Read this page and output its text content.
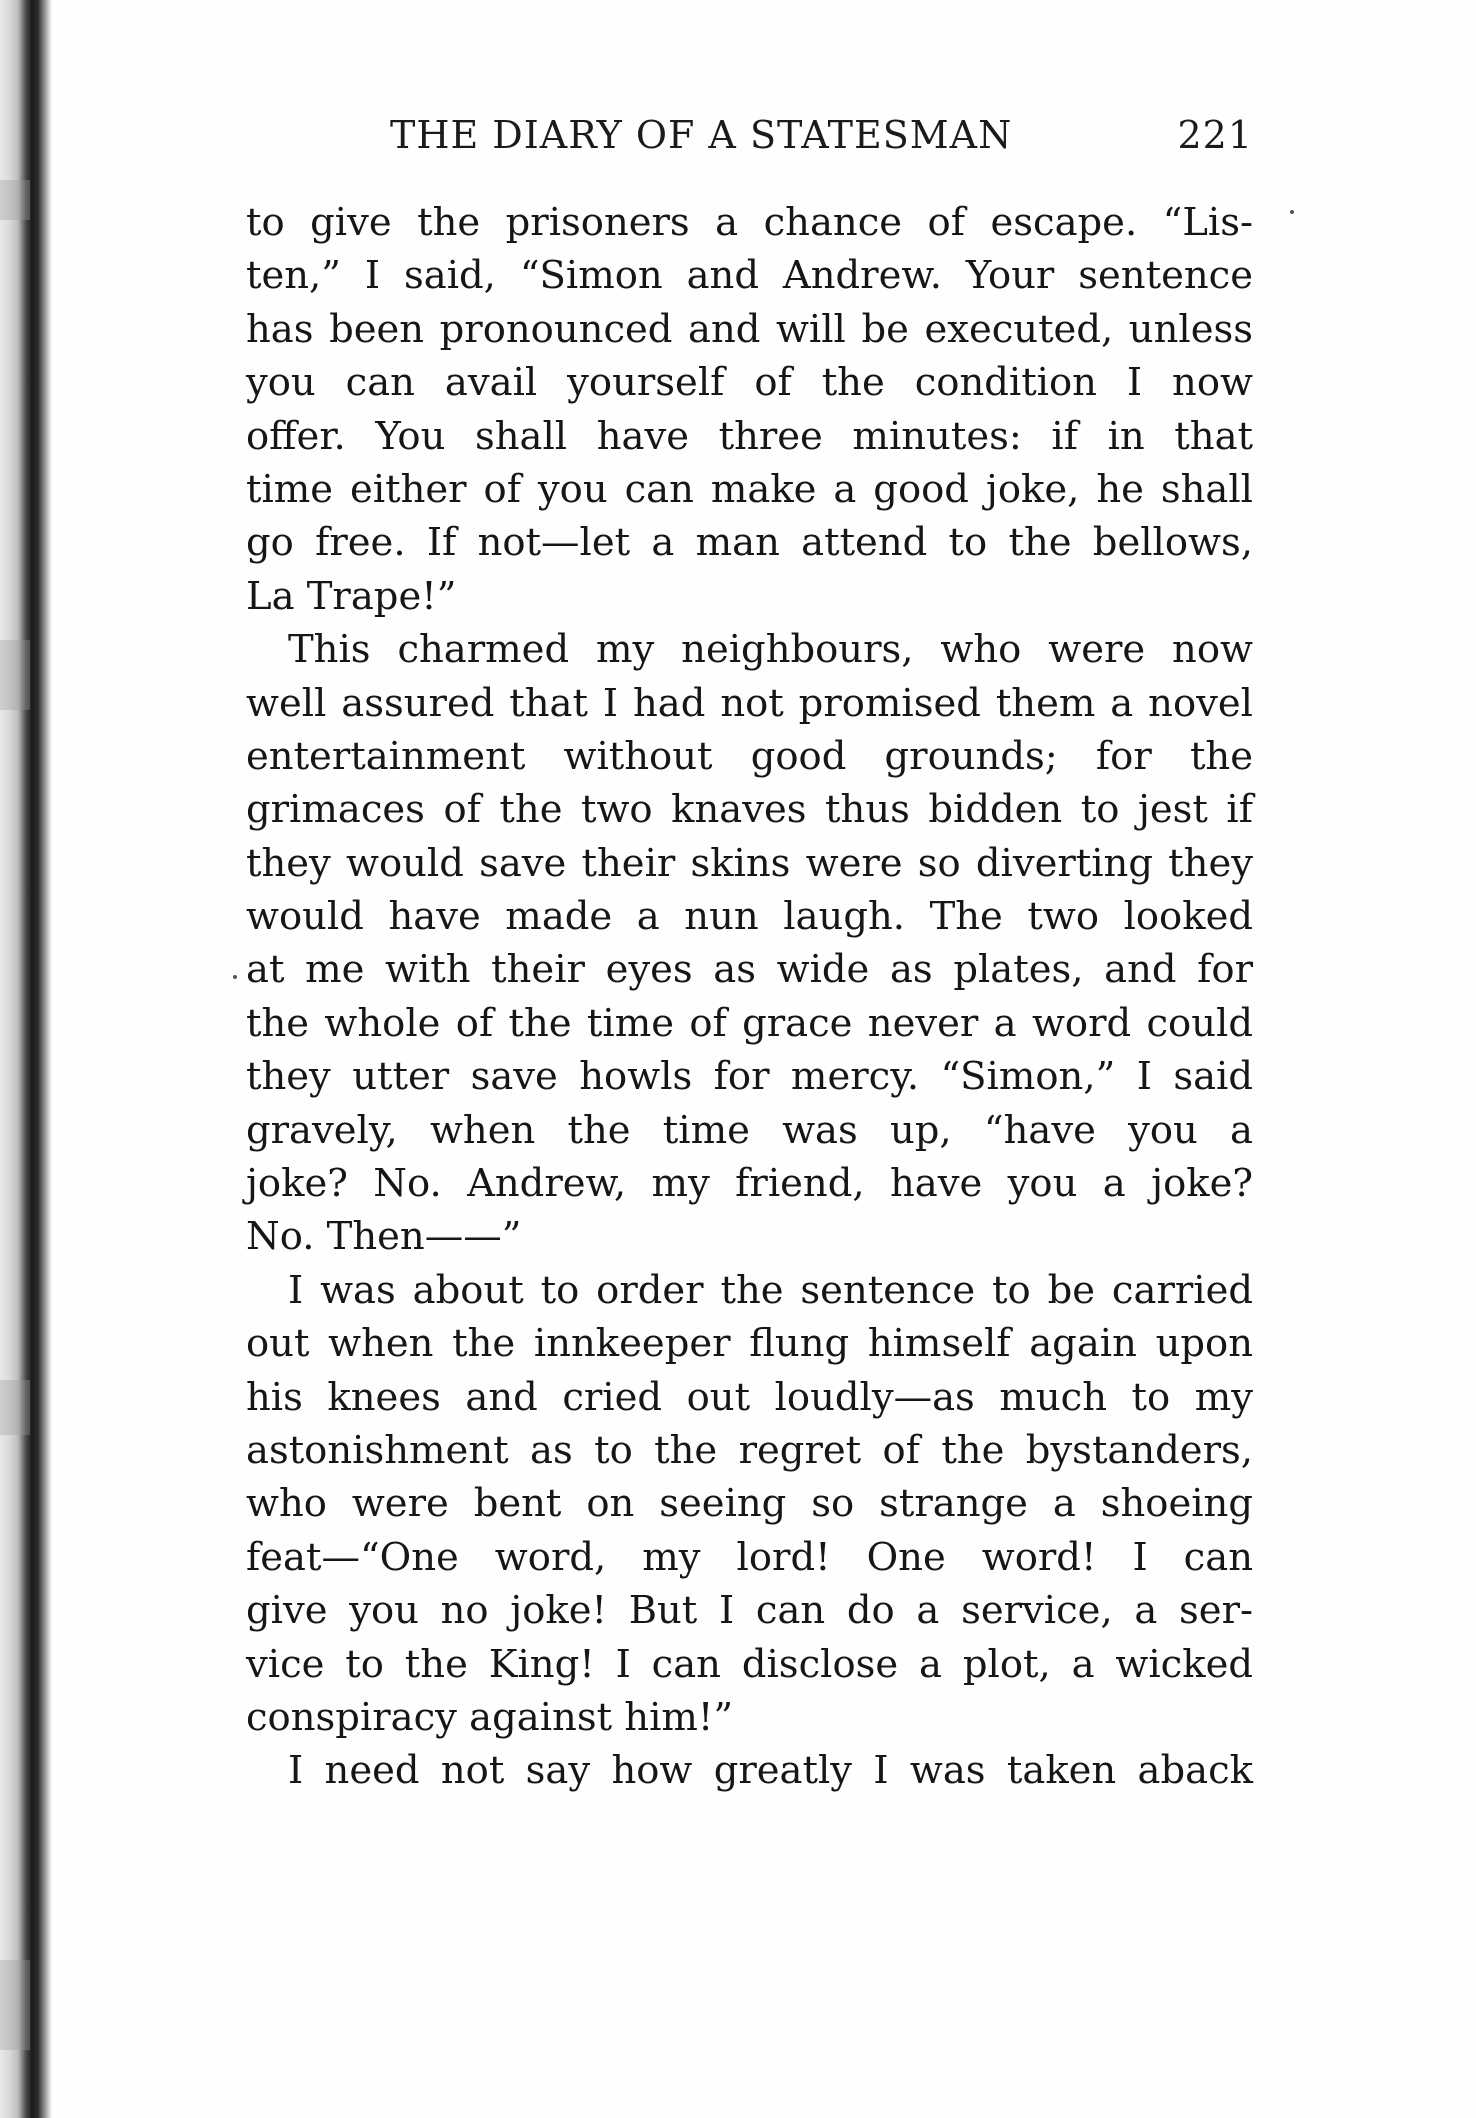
THE DIARY OF A STATESMAN	221
to give the prisoners a chance of escape. “Lis-
ten,” I said, “Simon and Andrew. Your sentence
has been pronounced and will be executed, unless
you can avail yourself of the condition I now
offer. You shall have three minutes: if in that
time either of you can make a good joke, he shall
go free. If not—let a man attend to the bellows,
La Trape!”
This charmed my neighbours, who were now
well assured that I had not promised them a novel
entertainment without good grounds; for the
grimaces of the two knaves thus bidden to jest if
they would save their skins were so diverting they
would have made a nun laugh. The two looked
at me with their eyes as wide as plates, and for
the whole of the time of grace never a word could
they utter save howls for mercy. “Simon,” I said
gravely, when the time was up, “have you a
joke? No. Andrew, my friend, have you a joke?
No. Then——”
I was about to order the sentence to be carried
out when the innkeeper flung himself again upon
his knees and cried out loudly—as much to my
astonishment as to the regret of the bystanders,
who were bent on seeing so strange a shoeing
feat—“One word, my lord! One word! I can
give you no joke! But I can do a service, a ser-
vice to the King! I can disclose a plot, a wicked
conspiracy against him!”
I need not say how greatly I was taken aback
